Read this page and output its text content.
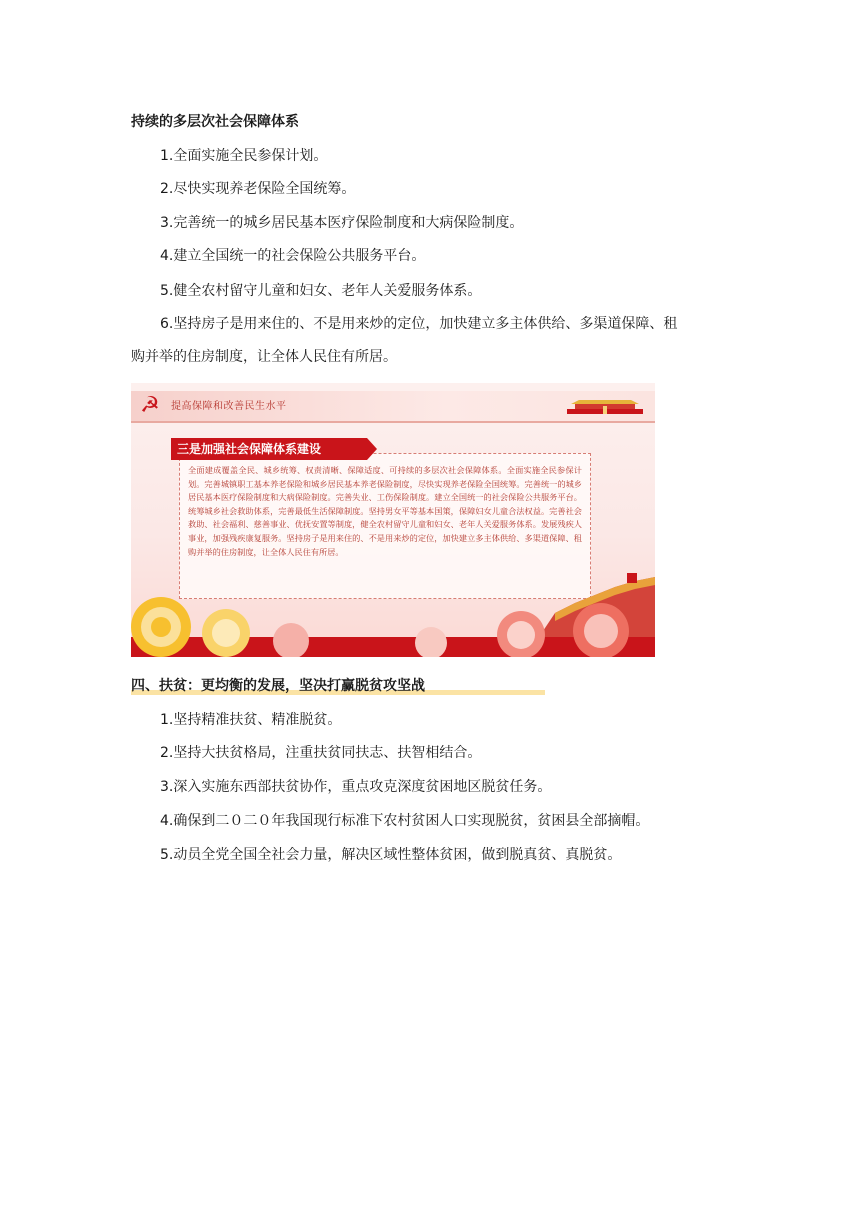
持续的多层次社会保障体系
1.全面实施全民参保计划。
2.尽快实现养老保险全国统筹。
3.完善统一的城乡居民基本医疗保险制度和大病保险制度。
4.建立全国统一的社会保险公共服务平台。
5.健全农村留守儿童和妇女、老年人关爱服务体系。
6.坚持房子是用来住的、不是用来炒的定位，加快建立多主体供给、多渠道保障、租
购并举的住房制度，让全体人民住有所居。
☭	提高保障和改善民生水平

全面建成覆盖全民、城乡统筹、权责清晰、保障适度、可持续的多层次社会保障体系。全面实施全民参保计划。完善城镇职工基本养老保险和城乡居民基本养老保险制度，尽快实现养老保险全国统筹。完善统一的城乡居民基本医疗保险制度和大病保险制度。完善失业、工伤保险制度。建立全国统一的社会保险公共服务平台。统筹城乡社会救助体系，完善最低生活保障制度。坚持男女平等基本国策，保障妇女儿童合法权益。完善社会救助、社会福利、慈善事业、优抚安置等制度，健全农村留守儿童和妇女、老年人关爱服务体系。发展残疾人事业，加强残疾康复服务。坚持房子是用来住的、不是用来炒的定位，加快建立多主体供给、多渠道保障、租购并举的住房制度，让全体人民住有所居。

三是加强社会保障体系建设
四、扶贫：更均衡的发展，坚决打赢脱贫攻坚战
1.坚持精准扶贫、精准脱贫。
2.坚持大扶贫格局，注重扶贫同扶志、扶智相结合。
3.深入实施东西部扶贫协作，重点攻克深度贫困地区脱贫任务。
4.确保到二０二０年我国现行标准下农村贫困人口实现脱贫，贫困县全部摘帽。
5.动员全党全国全社会力量，解决区域性整体贫困，做到脱真贫、真脱贫。
